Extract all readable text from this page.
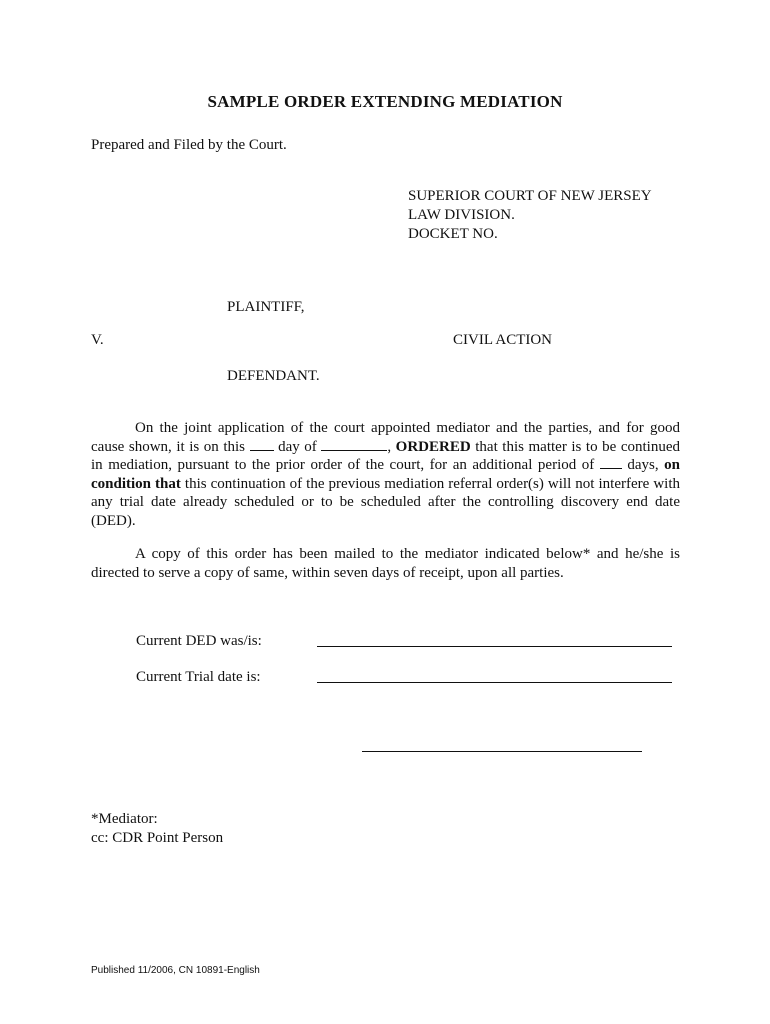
SAMPLE ORDER EXTENDING MEDIATION
Prepared and Filed by the Court.
SUPERIOR COURT OF NEW JERSEY
LAW DIVISION.
DOCKET NO.
PLAINTIFF,
V.	CIVIL ACTION
DEFENDANT.
On the joint application of the court appointed mediator and the parties, and for good cause shown, it is on this  day of	, ORDERED that this matter is to be continued in mediation, pursuant to the prior order of the court, for an additional period of  days, on condition that this continuation of the previous mediation referral order(s) will not interfere with any trial date already scheduled or to be scheduled after the controlling discovery end date (DED).
A copy of this order has been mailed to the mediator indicated below* and he/she is directed to serve a copy of same, within seven days of receipt, upon all parties.
Current DED was/is:
Current Trial date is:
*Mediator:
cc: CDR Point Person
Published 11/2006, CN 10891-English
